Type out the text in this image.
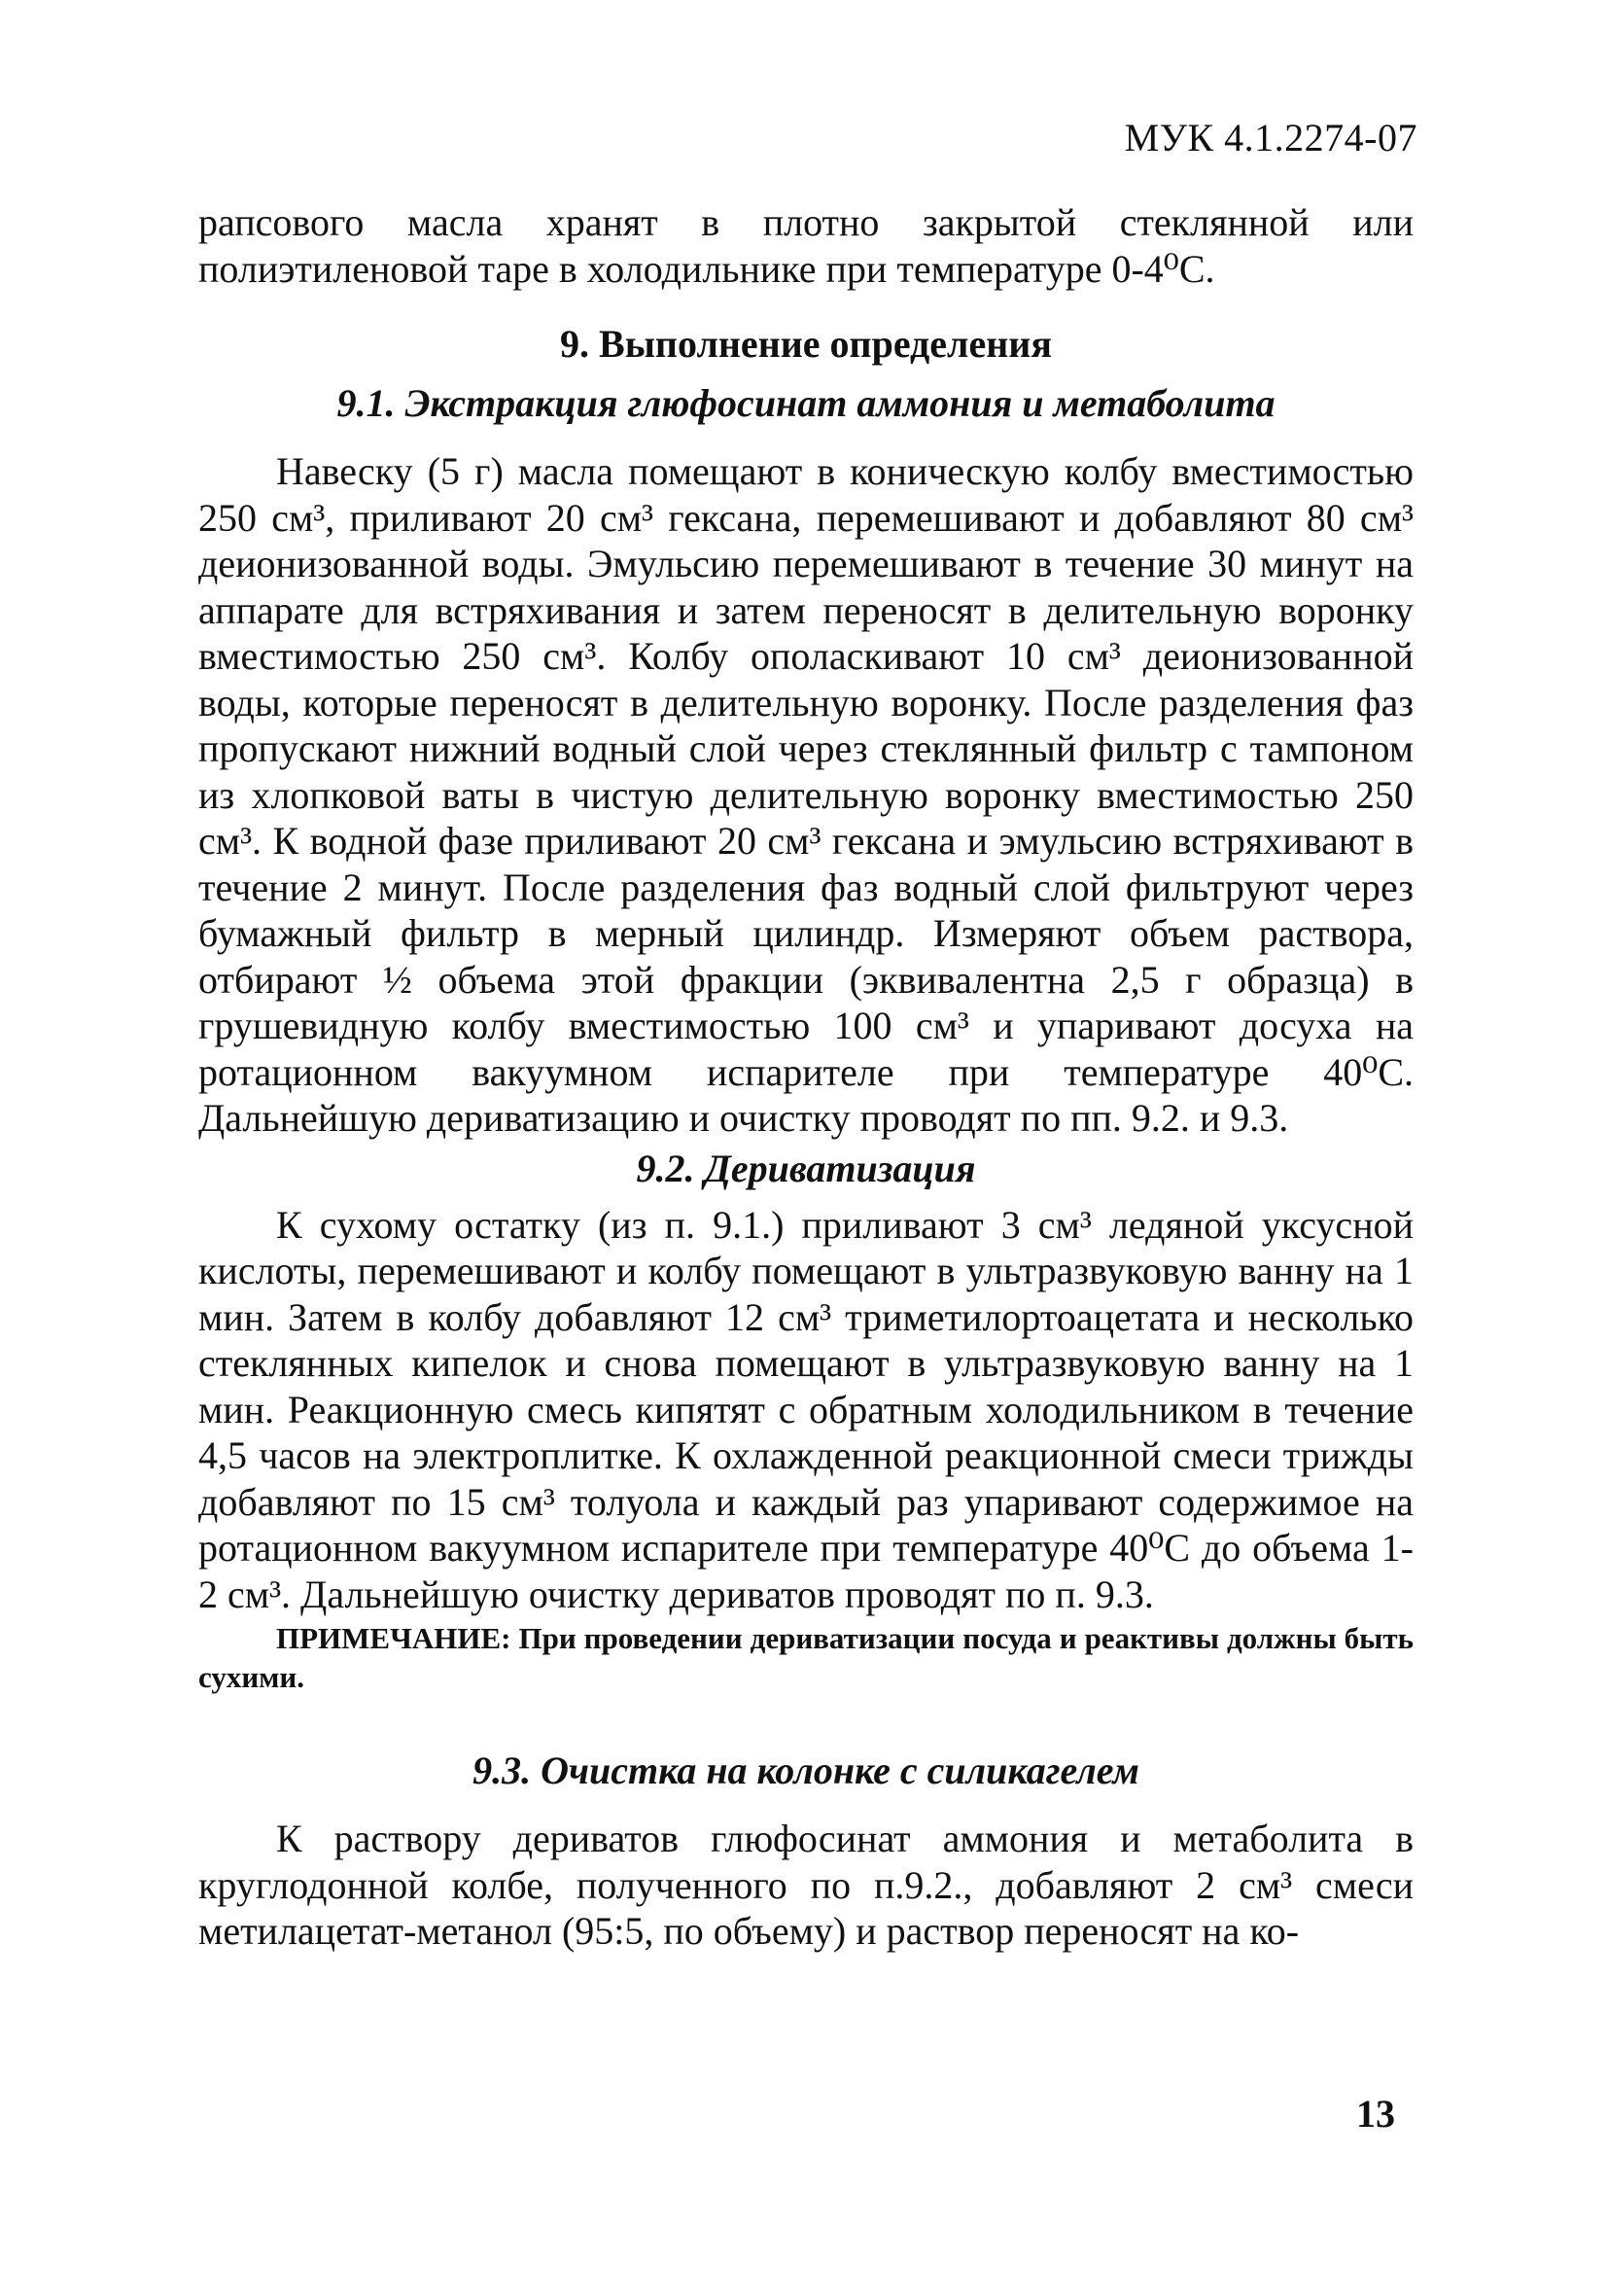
МУК 4.1.2274-07

рапсового масла хранят в плотно закрытой стеклянной или полиэтиленовой таре в холодильнике при температуре 0-4⁰C.

9. Выполнение определения
9.1. Экстракция глюфосинат аммония и метаболита

Навеску (5 г) масла помещают в коническую колбу вместимостью 250 см³, приливают 20 см³ гексана, перемешивают и добавляют 80 см³ деионизованной воды. Эмульсию перемешивают в течение 30 минут на аппарате для встряхивания и затем переносят в делительную воронку вместимостью 250 см³. Колбу ополаскивают 10 см³ деионизованной воды, которые переносят в делительную воронку. После разделения фаз пропускают нижний водный слой через стеклянный фильтр с тампоном из хлопковой ваты в чистую делительную воронку вместимостью 250 см³. К водной фазе приливают 20 см³ гексана и эмульсию встряхивают в течение 2 минут. После разделения фаз водный слой фильтруют через бумажный фильтр в мерный цилиндр. Измеряют объем раствора, отбирают ½ объема этой фракции (эквивалентна 2,5 г образца) в грушевидную колбу вместимостью 100 см³ и упаривают досуха на ротационном вакуумном испарителе при температуре 40⁰C. Дальнейшую дериватизацию и очистку проводят по пп. 9.2. и 9.3.

9.2. Дериватизация

К сухому остатку (из п. 9.1.) приливают 3 см³ ледяной уксусной кислоты, перемешивают и колбу помещают в ультразвуковую ванну на 1 мин. Затем в колбу добавляют 12 см³ триметилортоацетата и несколько стеклянных кипелок и снова помещают в ультразвуковую ванну на 1 мин. Реакционную смесь кипятят с обратным холодильником в течение 4,5 часов на электроплитке. К охлажденной реакционной смеси трижды добавляют по 15 см³ толуола и каждый раз упаривают содержимое на ротационном вакуумном испарителе при температуре 40⁰C до объема 1-2 см³. Дальнейшую очистку дериватов проводят по п. 9.3.

ПРИМЕЧАНИЕ: При проведении дериватизации посуда и реактивы должны быть сухими.

9.3. Очистка на колонке с силикагелем

К раствору дериватов глюфосинат аммония и метаболита в круглодонной колбе, полученного по п.9.2., добавляют 2 см³ смеси метилацетат-метанол (95:5, по объему) и раствор переносят на ко-

13
